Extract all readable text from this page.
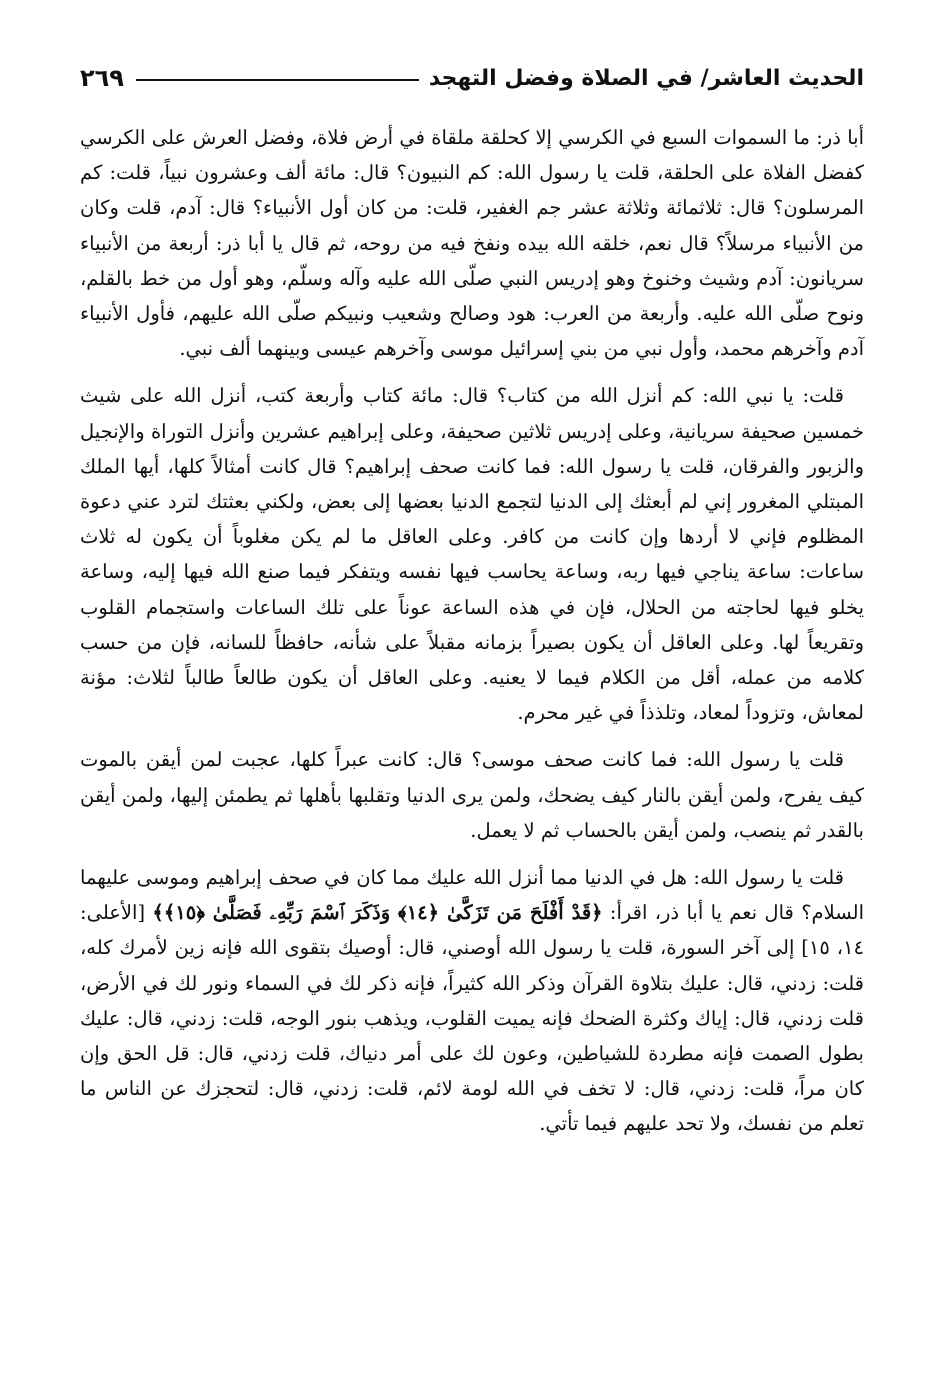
الحديث العاشر/ في الصلاة وفضل التهجد
٢٦٩

أبا ذر: ما السموات السبع في الكرسي إلا كحلقة ملقاة في أرض فلاة، وفضل العرش على الكرسي كفضل الفلاة على الحلقة، قلت يا رسول الله: كم النبيون؟ قال: مائة ألف وعشرون نبياً، قلت: كم المرسلون؟ قال: ثلاثمائة وثلاثة عشر جم الغفير، قلت: من كان أول الأنبياء؟ قال: آدم، قلت وكان من الأنبياء مرسلاً؟ قال نعم، خلقه الله بيده ونفخ فيه من روحه، ثم قال يا أبا ذر: أربعة من الأنبياء سريانون: آدم وشيث وخنوخ وهو إدريس النبي صلّى الله عليه وآله وسلّم، وهو أول من خط بالقلم، ونوح صلّى الله عليه. وأربعة من العرب: هود وصالح وشعيب ونبيكم صلّى الله عليهم، فأول الأنبياء آدم وآخرهم محمد، وأول نبي من بني إسرائيل موسى وآخرهم عيسى وبينهما ألف نبي.

قلت: يا نبي الله: كم أنزل الله من كتاب؟ قال: مائة كتاب وأربعة كتب، أنزل الله على شيث خمسين صحيفة سريانية، وعلى إدريس ثلاثين صحيفة، وعلى إبراهيم عشرين وأنزل التوراة والإنجيل والزبور والفرقان، قلت يا رسول الله: فما كانت صحف إبراهيم؟ قال كانت أمثالاً كلها، أيها الملك المبتلي المغرور إني لم أبعثك إلى الدنيا لتجمع الدنيا بعضها إلى بعض، ولكني بعثتك لترد عني دعوة المظلوم فإني لا أردها وإن كانت من كافر. وعلى العاقل ما لم يكن مغلوباً أن يكون له ثلاث ساعات: ساعة يناجي فيها ربه، وساعة يحاسب فيها نفسه ويتفكر فيما صنع الله فيها إليه، وساعة يخلو فيها لحاجته من الحلال، فإن في هذه الساعة عوناً على تلك الساعات واستجمام القلوب وتقريعاً لها. وعلى العاقل أن يكون بصيراً بزمانه مقبلاً على شأنه، حافظاً للسانه، فإن من حسب كلامه من عمله، أقل من الكلام فيما لا يعنيه. وعلى العاقل أن يكون طالعاً طالباً لثلاث: مؤنة لمعاش، وتزوداً لمعاد، وتلذذاً في غير محرم.

قلت يا رسول الله: فما كانت صحف موسى؟ قال: كانت عبراً كلها، عجبت لمن أيقن بالموت كيف يفرح، ولمن أيقن بالنار كيف يضحك، ولمن يرى الدنيا وتقلبها بأهلها ثم يطمئن إليها، ولمن أيقن بالقدر ثم ينصب، ولمن أيقن بالحساب ثم لا يعمل.

قلت يا رسول الله: هل في الدنيا مما أنزل الله عليك مما كان في صحف إبراهيم وموسى عليهما السلام؟ قال نعم يا أبا ذر، اقرأ: ﴿قَدْ أَفْلَحَ مَن تَزَكَّىٰ ﴿١٤﴾ وَذَكَرَ ٱسْمَ رَبِّهِۦ فَصَلَّىٰ ﴿١٥﴾﴾ [الأعلى: ١٤، ١٥] إلى آخر السورة، قلت يا رسول الله أوصني، قال: أوصيك بتقوى الله فإنه زين لأمرك كله، قلت: زدني، قال: عليك بتلاوة القرآن وذكر الله كثيراً، فإنه ذكر لك في السماء ونور لك في الأرض، قلت زدني، قال: إياك وكثرة الضحك فإنه يميت القلوب، ويذهب بنور الوجه، قلت: زدني، قال: عليك بطول الصمت فإنه مطردة للشياطين، وعون لك على أمر دنياك، قلت زدني، قال: قل الحق وإن كان مراً، قلت: زدني، قال: لا تخف في الله لومة لائم، قلت: زدني، قال: لتحجزك عن الناس ما تعلم من نفسك، ولا تحد عليهم فيما تأتي.
